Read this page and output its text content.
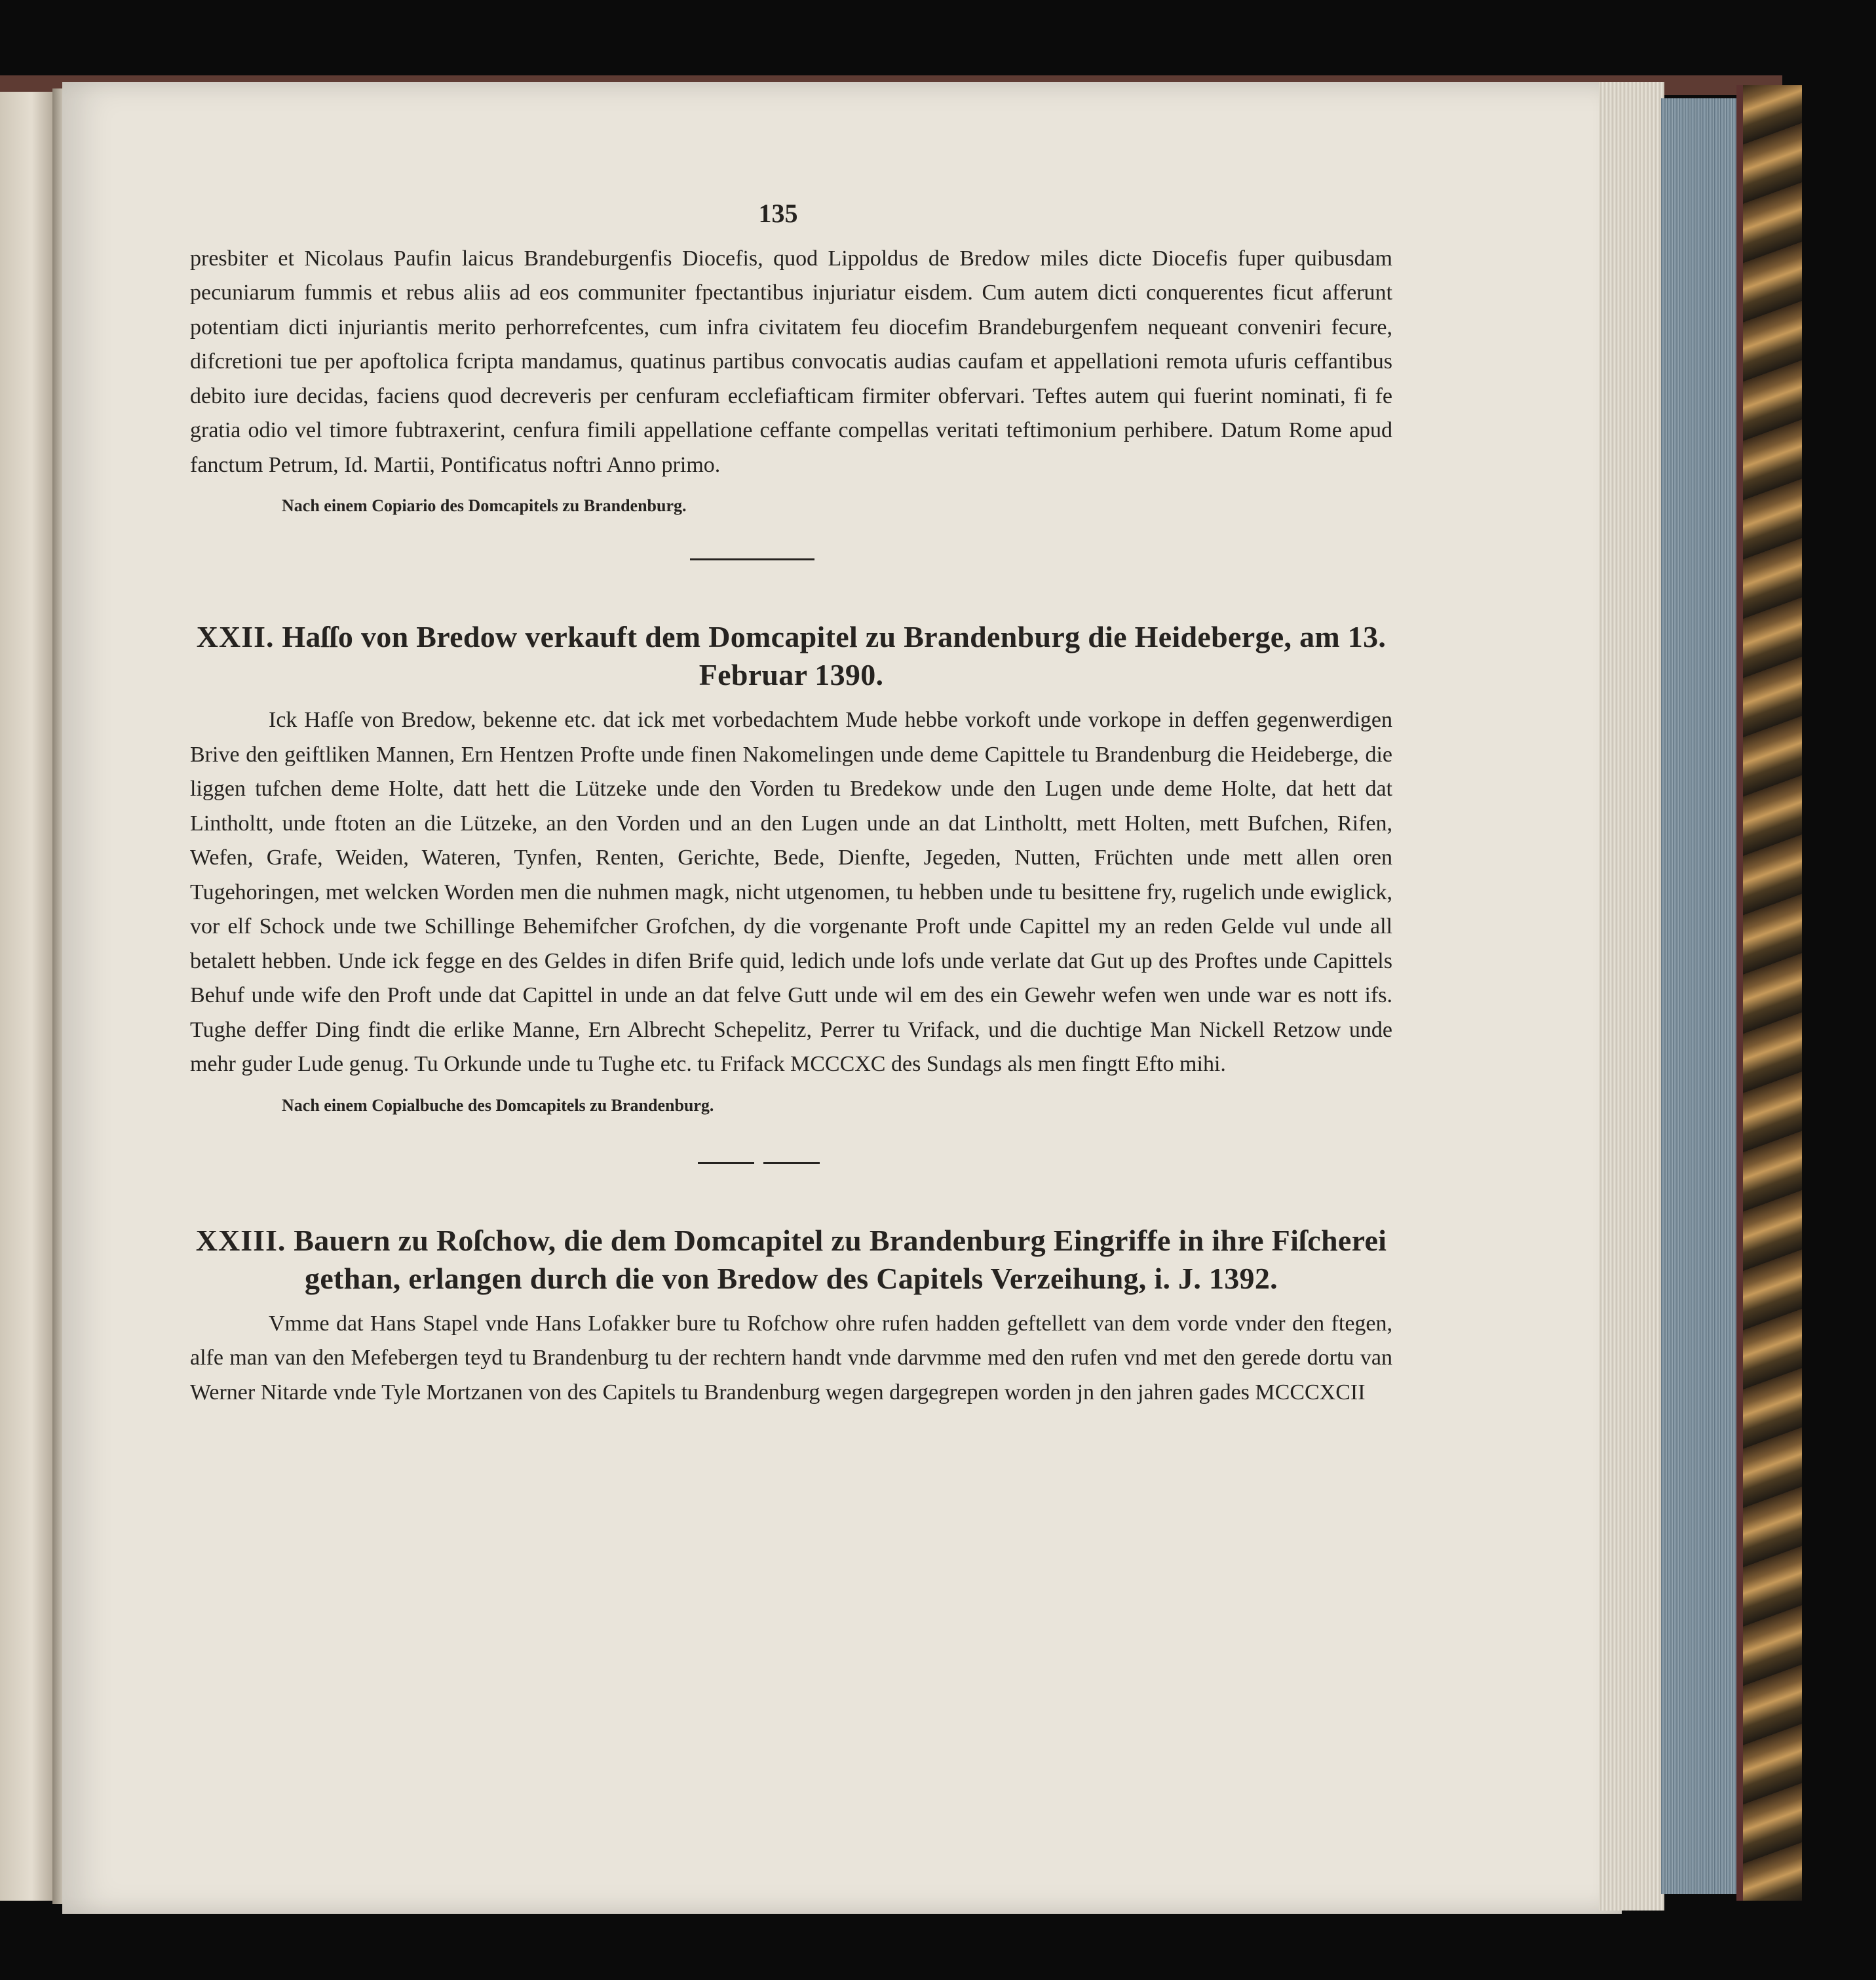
135

presbiter et Nicolaus Paufin laicus Brandeburgenfis Diocefis, quod Lippoldus de Bredow miles dicte Diocefis fuper quibusdam pecuniarum fummis et rebus aliis ad eos communiter fpectantibus injuriatur eisdem. Cum autem dicti conquerentes ficut afferunt potentiam dicti injuriantis merito perhorrefcentes, cum infra civitatem feu diocefim Brandeburgenfem nequeant conveniri fecure, difcretioni tue per apoftolica fcripta mandamus, quatinus partibus convocatis audias caufam et appellationi remota ufuris ceffantibus debito iure decidas, faciens quod decreveris per cenfuram ecclefiafticam firmiter obfervari. Teftes autem qui fuerint nominati, fi fe gratia odio vel timore fubtraxerint, cenfura fimili appellatione ceffante compellas veritati teftimonium perhibere. Datum Rome apud fanctum Petrum, Id. Martii, Pontificatus noftri Anno primo.

Nach einem Copiario des Domcapitels zu Brandenburg.
XXII. Haſſo von Bredow verkauft dem Domcapitel zu Brandenburg die Heideberge, am 13. Februar 1390.

Ick Hafſe von Bredow, bekenne etc. dat ick met vorbedachtem Mude hebbe vorkoft unde vorkope in deffen gegenwerdigen Brive den geiftliken Mannen, Ern Hentzen Profte unde finen Nakomelingen unde deme Capittele tu Brandenburg die Heideberge, die liggen tufchen deme Holte, datt hett die Lützeke unde den Vorden tu Bredekow unde den Lugen unde deme Holte, dat hett dat Lintholtt, unde ftoten an die Lützeke, an den Vorden und an den Lugen unde an dat Lintholtt, mett Holten, mett Bufchen, Rifen, Wefen, Grafe, Weiden, Wateren, Tynfen, Renten, Gerichte, Bede, Dienfte, Jegeden, Nutten, Früchten unde mett allen oren Tugehoringen, met welcken Worden men die nuhmen magk, nicht utgenomen, tu hebben unde tu besittene fry, rugelich unde ewiglick, vor elf Schock unde twe Schillinge Behemifcher Grofchen, dy die vorgenante Proft unde Capittel my an reden Gelde vul unde all betalett hebben. Unde ick fegge en des Geldes in difen Brife quid, ledich unde lofs unde verlate dat Gut up des Proftes unde Capittels Behuf unde wife den Proft unde dat Capittel in unde an dat felve Gutt unde wil em des ein Gewehr wefen wen unde war es nott ifs. Tughe deffer Ding findt die erlike Manne, Ern Albrecht Schepelitz, Perrer tu Vrifack, und die duchtige Man Nickell Retzow unde mehr guder Lude genug. Tu Orkunde unde tu Tughe etc. tu Frifack MCCCXC des Sundags als men fingtt Efto mihi.

Nach einem Copialbuche des Domcapitels zu Brandenburg.
XXIII. Bauern zu Roſchow, die dem Domcapitel zu Brandenburg Eingriffe in ihre Fiſcherei gethan, erlangen durch die von Bredow des Capitels Verzeihung, i. J. 1392.

Vmme dat Hans Stapel vnde Hans Lofakker bure tu Rofchow ohre rufen hadden geftellett van dem vorde vnder den ftegen, alfe man van den Mefebergen teyd tu Brandenburg tu der rechtern handt vnde darvmme med den rufen vnd met den gerede dortu van Werner Nitarde vnde Tyle Mortzanen von des Capitels tu Brandenburg wegen dargegrepen worden jn den jahren gades MCCCXCII
